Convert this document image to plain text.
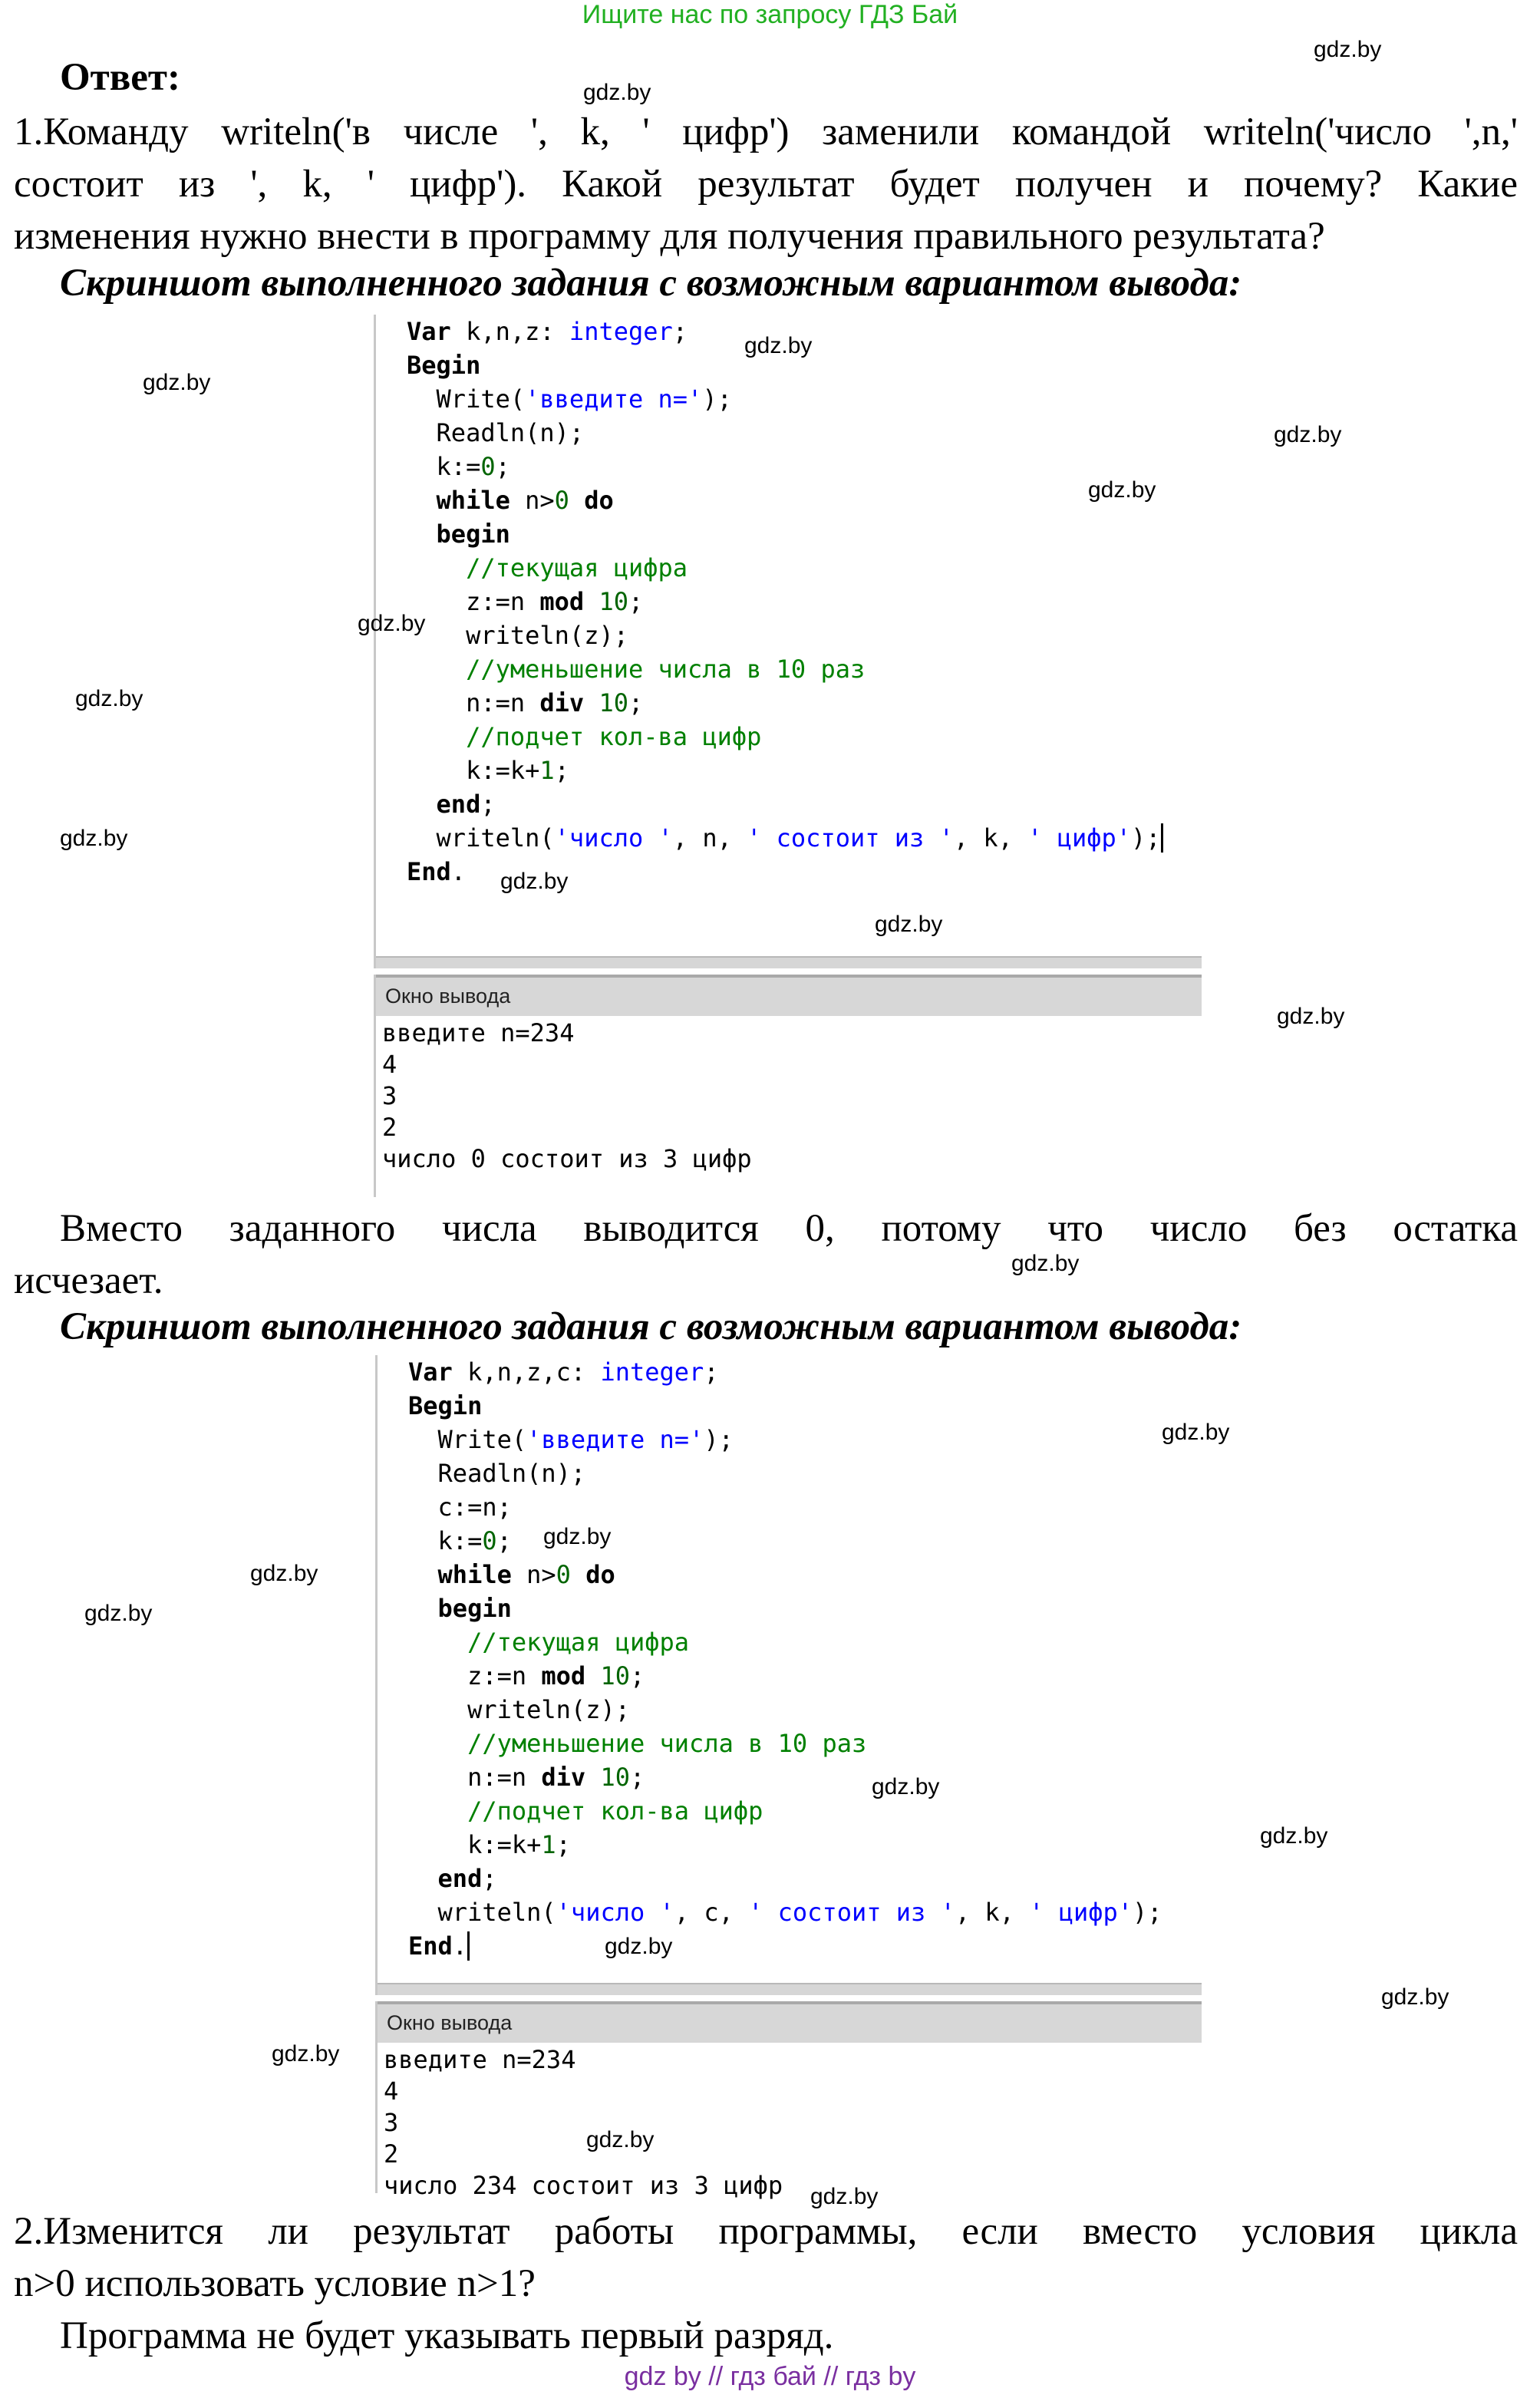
Ищите нас по запросу ГДЗ Бай
Ответ:
1.Команду writeln('в числе ', k, ' цифр') заменили командой writeln('число ',n,'
состоит из ', k, ' цифр'). Какой результат будет получен и почему? Какие
изменения нужно внести в программу для получения правильного результата?
Скриншот выполненного задания с возможным вариантом вывода:
Var k,n,z: integer;
Begin
Write('введите n=');
Readln(n);
k:=0;
while n>0 do
begin
//текущая цифра
z:=n mod 10;
writeln(z);
//уменьшение числа в 10 раз
n:=n div 10;
//подчет кол-ва цифр
k:=k+1;
end;
writeln('число ', n, ' состоит из ', k, ' цифр');
End.
Окно вывода
введите n=234
4
3
2
число 0 состоит из 3 цифр
Вместо заданного числа выводится 0, потому что число без остатка
исчезает.
Скриншот выполненного задания с возможным вариантом вывода:
Var k,n,z,c: integer;
Begin
Write('введите n=');
Readln(n);
c:=n;
k:=0;
while n>0 do
begin
//текущая цифра
z:=n mod 10;
writeln(z);
//уменьшение числа в 10 раз
n:=n div 10;
//подчет кол-ва цифр
k:=k+1;
end;
writeln('число ', c, ' состоит из ', k, ' цифр');
End.
Окно вывода
введите n=234
4
3
2
число 234 состоит из 3 цифр
2.Изменится ли результат работы программы, если вместо условия цикла
n>0 использовать условие n>1?
Программа не будет указывать первый разряд.
gdz by // гдз бай // гдз by
gdz.by
gdz.by
gdz.by
gdz.by
gdz.by
gdz.by
gdz.by
gdz.by
gdz.by
gdz.by
gdz.by
gdz.by
gdz.by
gdz.by
gdz.by
gdz.by
gdz.by
gdz.by
gdz.by
gdz.by
gdz.by
gdz.by
gdz.by
gdz.by
